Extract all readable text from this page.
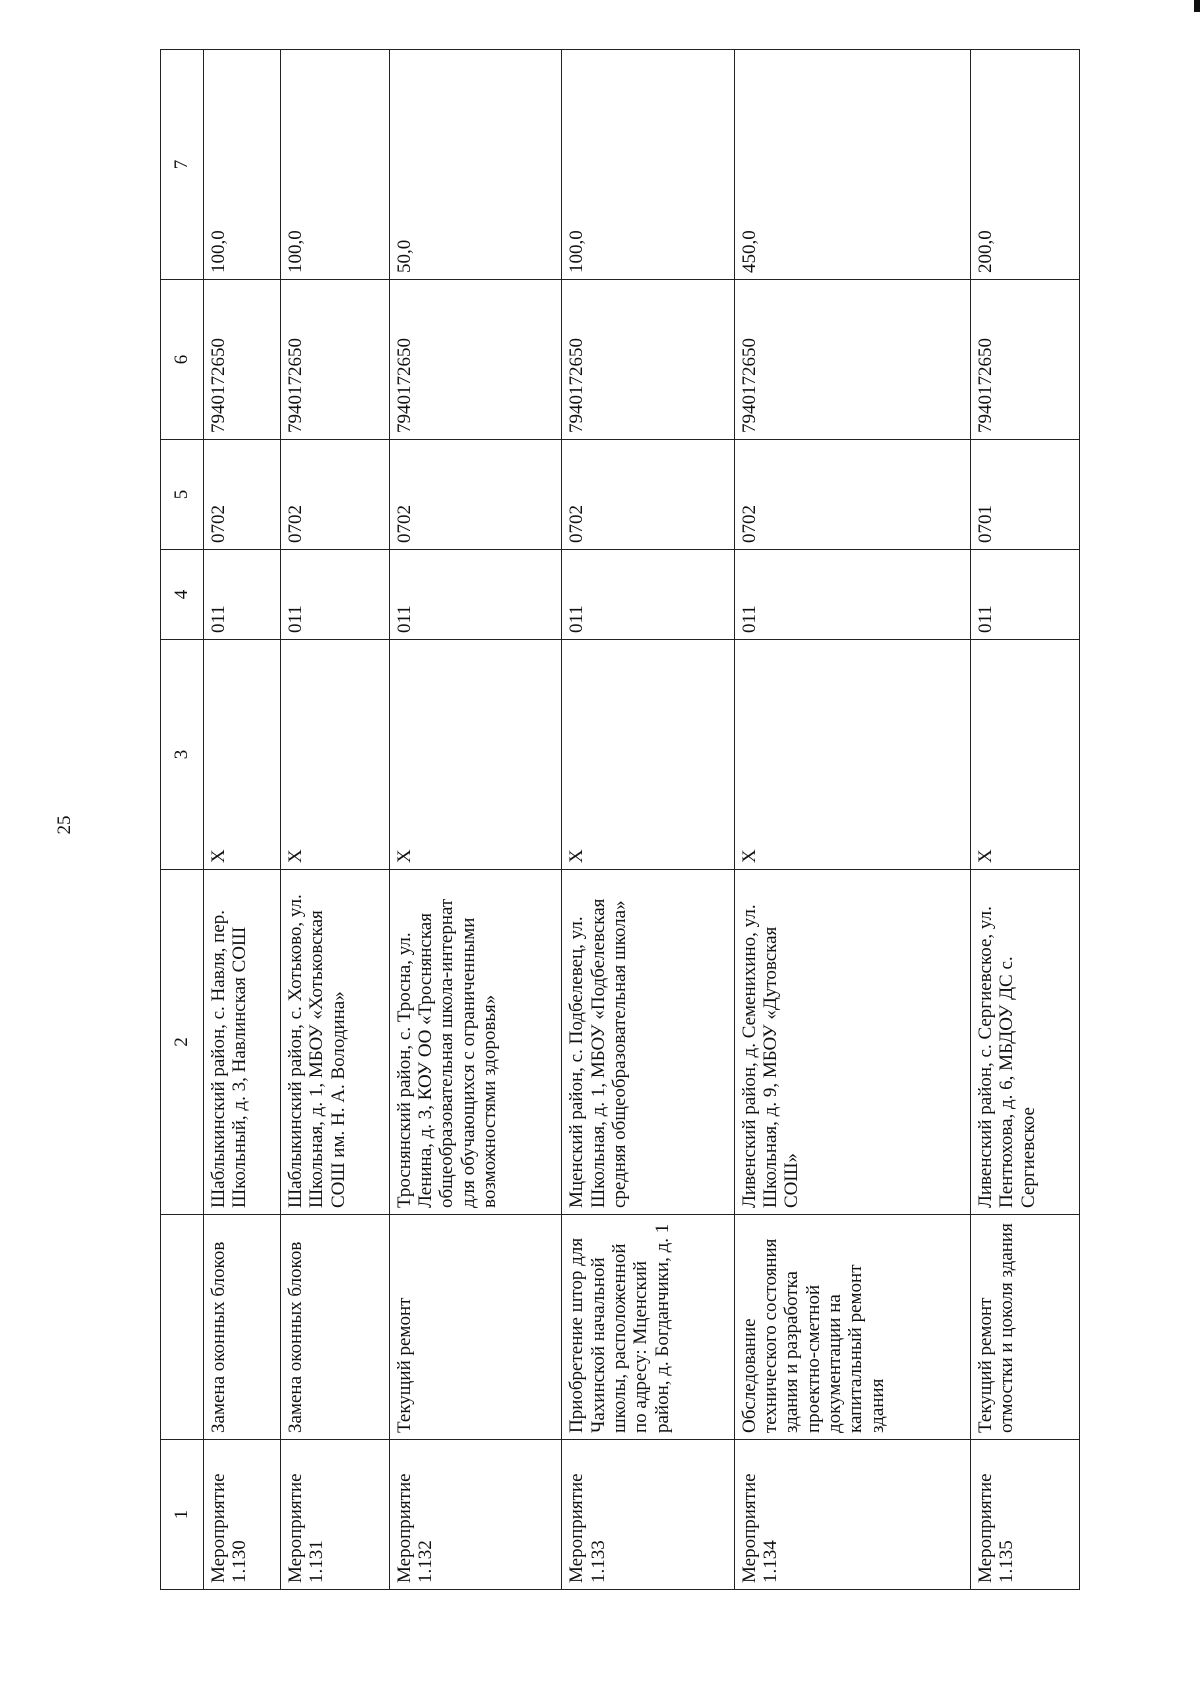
25
1		2	3	4	5	6	7
Мероприятие 1.130	Замена оконных блоков	Шаблыкинский район, с. Навля, пер. Школьный, д. 3, Навлинская СОШ	Х	011	0702	7940172650	100,0
Мероприятие 1.131	Замена оконных блоков	Шаблыкинский район, с. Хотьково, ул. Школьная, д. 1, МБОУ «Хотьковская СОШ им. Н. А. Володина»	Х	011	0702	7940172650	100,0
Мероприятие 1.132	Текущий ремонт	Троснянский район, с. Тросна, ул. Ленина, д. 3, КОУ ОО «Троснянская общеобразовательная школа-интернат для обучающихся с ограниченными возможностями здоровья»	Х	011	0702	7940172650	50,0
Мероприятие 1.133	Приобретение штор для Чахинской начальной школы, расположенной по адресу: Мценский район, д. Богданчики, д. 1	Мценский район, с. Подбелевец, ул. Школьная, д. 1, МБОУ «Подбелевская средняя общеобразовательная школа»	Х	011	0702	7940172650	100,0
Мероприятие 1.134	Обследование технического состояния здания и разработка проектно-сметной документации на капитальный ремонт здания	Ливенский район, д. Семенихино, ул. Школьная, д. 9, МБОУ «Дутовская СОШ»	Х	011	0702	7940172650	450,0
Мероприятие 1.135	Текущий ремонт отмостки и цоколя здания	Ливенский район, с. Сергиевское, ул. Пентюхова, д. 6, МБДОУ ДС с. Сергиевское	Х	011	0701	7940172650	200,0
